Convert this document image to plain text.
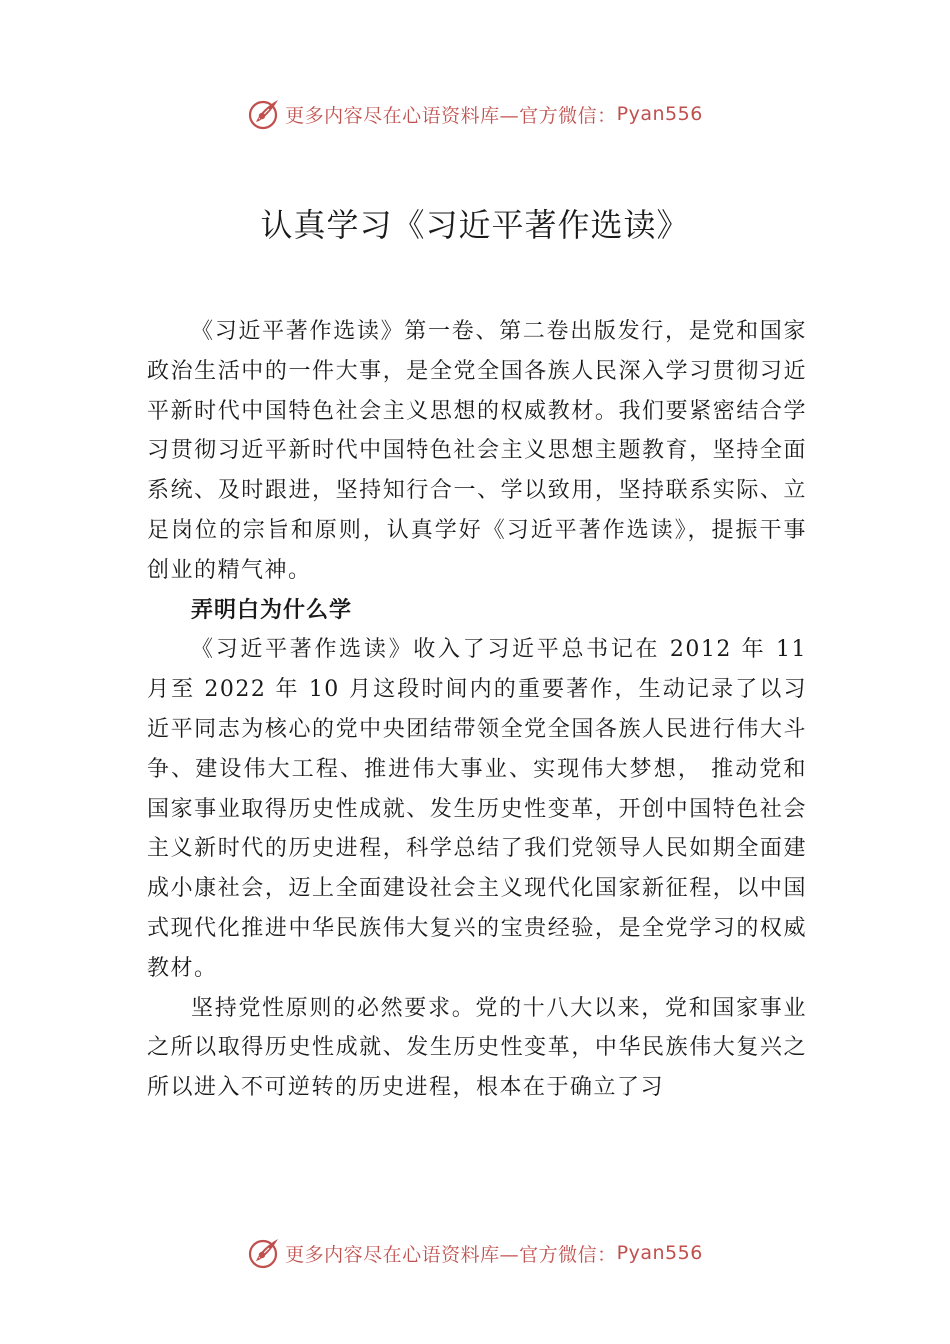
更多内容尽在心语资料库—官方微信： Pyan556
认真学习《习近平著作选读》

《习近平著作选读》第一卷、第二卷出版发行，是党和国家政治生活中的一件大事，是全党全国各族人民深入学习贯彻习近平新时代中国特色社会主义思想的权威教材。我们要紧密结合学习贯彻习近平新时代中国特色社会主义思想主题教育，坚持全面系统、及时跟进，坚持知行合一、学以致用，坚持联系实际、立足岗位的宗旨和原则，认真学好《习近平著作选读》，提振干事创业的精气神。

弄明白为什么学

《习近平著作选读》收入了习近平总书记在 2012 年 11 月至 2022 年 10 月这段时间内的重要著作，生动记录了以习近平同志为核心的党中央团结带领全党全国各族人民进行伟大斗争、建设伟大工程、推进伟大事业、实现伟大梦想， 推动党和国家事业取得历史性成就、发生历史性变革，开创中国特色社会主义新时代的历史进程，科学总结了我们党领导人民如期全面建成小康社会，迈上全面建设社会主义现代化国家新征程，以中国式现代化推进中华民族伟大复兴的宝贵经验，是全党学习的权威教材。

坚持党性原则的必然要求。党的十八大以来，党和国家事业之所以取得历史性成就、发生历史性变革，中华民族伟大复兴之所以进入不可逆转的历史进程，根本在于确立了习

更多内容尽在心语资料库—官方微信： Pyan556
